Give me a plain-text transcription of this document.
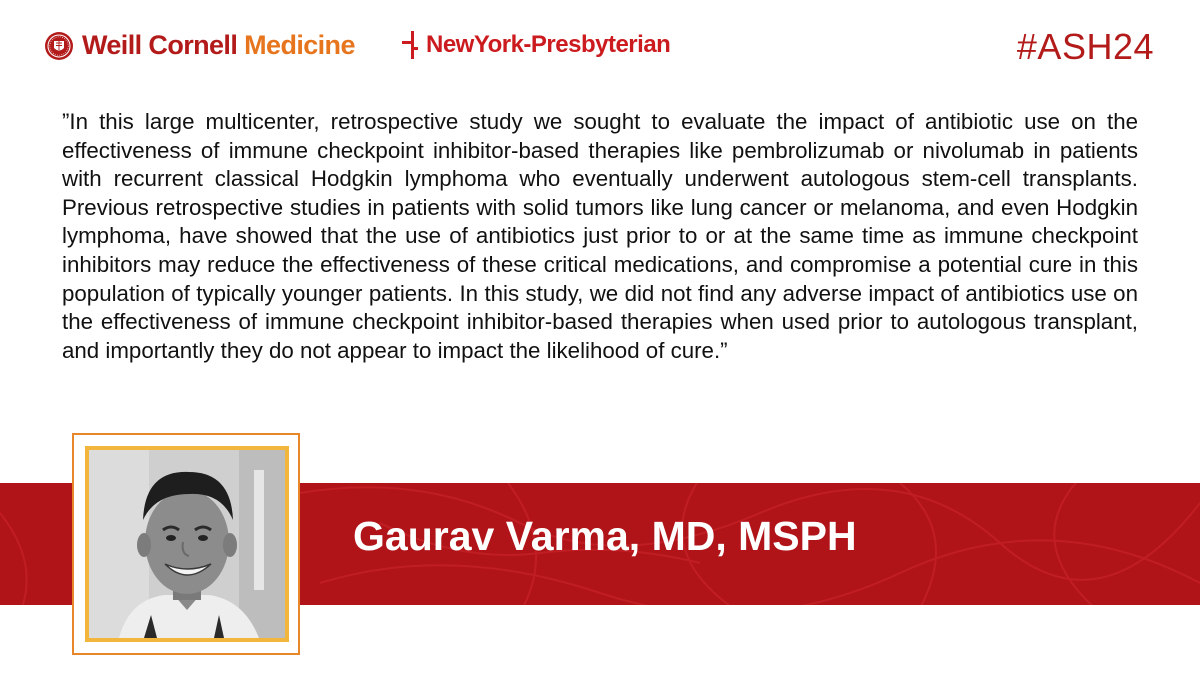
Weill Cornell Medicine	NewYork-Presbyterian	#ASH24

”In this large multicenter, retrospective study we sought to evaluate the impact of antibiotic use on the effectiveness of immune checkpoint inhibitor-based therapies like pembrolizumab or nivolumab in patients with recurrent classical Hodgkin lymphoma who eventually underwent autologous stem-cell transplants. Previous retrospective studies in patients with solid tumors like lung cancer or melanoma, and even Hodgkin lymphoma, have showed that the use of antibiotics just prior to or at the same time as immune checkpoint inhibitors may reduce the effectiveness of these critical medications, and compromise a potential cure in this population of typically younger patients. In this study, we did not find any adverse impact of antibiotics use on the effectiveness of immune checkpoint inhibitor-based therapies when used prior to autologous transplant, and importantly they do not appear to impact the likelihood of cure.”

Gaurav Varma, MD, MSPH
